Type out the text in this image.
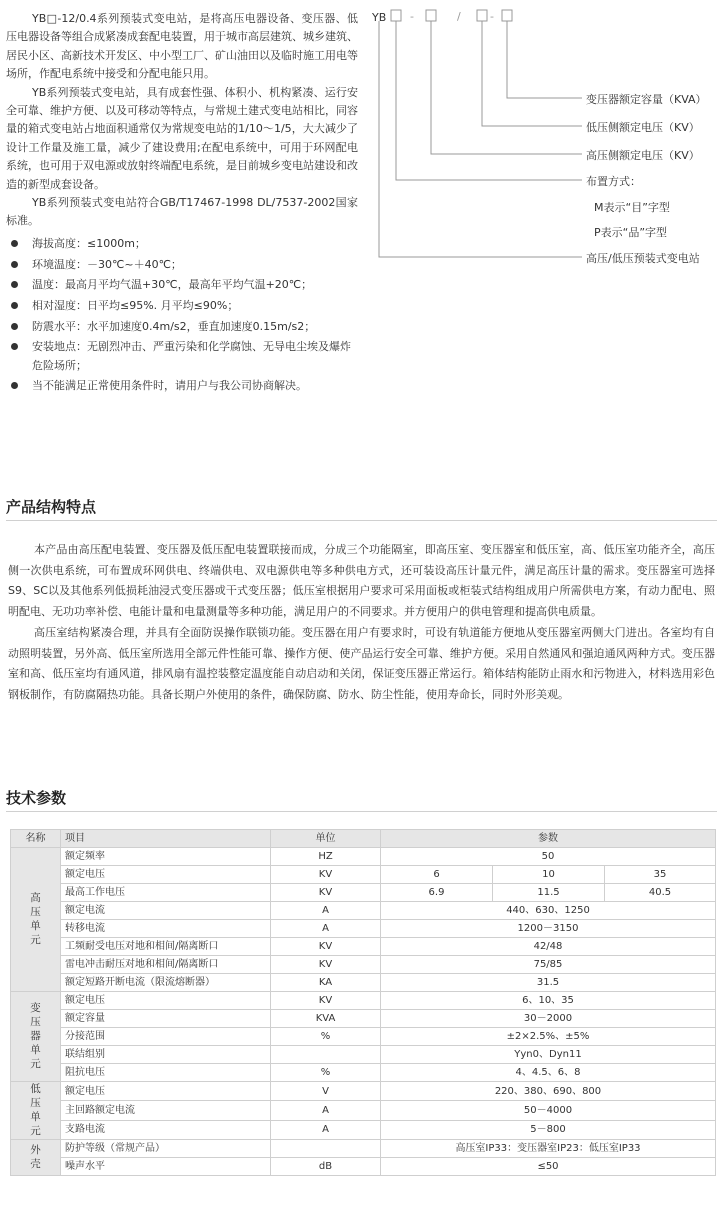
YB□-12/0.4系列预装式变电站，是将高压电器设备、变压器、低压电器设备等组合成紧凑成套配电装置，用于城市高层建筑、城乡建筑、居民小区、高新技术开发区、中小型工厂、矿山油田以及临时施工用电等场所，作配电系统中接受和分配电能只用。

YB系列预装式变电站，具有成套性强、体积小、机构紧凑、运行安全可靠、维护方便、以及可移动等特点，与常规土建式变电站相比，同容量的箱式变电站占地面积通常仅为常规变电站的1/10～1/5，大大减少了设计工作量及施工量，减少了建设费用;在配电系统中，可用于环网配电系统，也可用于双电源或放射终端配电系统，是目前城乡变电站建设和改造的新型成套设备。

YB系列预装式变电站符合GB/T17467-1998 DL/7537-2002国家标准。

海拔高度：≤1000m；
环境温度：－30℃~＋40℃；
温度：最高月平均气温+30℃，最高年平均气温+20℃；
相对湿度：日平均≤95%. 月平均≤90%；
防震水平：水平加速度0.4m/s2，垂直加速度0.15m/s2；
安装地点：无剧烈冲击、严重污染和化学腐蚀、无导电尘埃及爆炸危险场所；
当不能满足正常使用条件时，请用户与我公司协商解决。
YB -	/	-
变压器额定容量（KVA）
低压侧额定电压（KV）
高压侧额定电压（KV）
布置方式：
M表示“目”字型
P表示“品”字型
高压/低压预装式变电站
产品结构特点

本产品由高压配电装置、变压器及低压配电装置联接而成，分成三个功能隔室，即高压室、变压器室和低压室，高、低压室功能齐全，高压侧一次供电系统，可布置成环网供电、终端供电、双电源供电等多种供电方式，还可装设高压计量元件，满足高压计量的需求。变压器室可选择S9、SC以及其他系列低损耗油浸式变压器或干式变压器；低压室根据用户要求可采用面板或柜装式结构组成用户所需供电方案，有动力配电、照明配电、无功功率补偿、电能计量和电量测量等多种功能，满足用户的不同要求。并方便用户的供电管理和提高供电质量。

高压室结构紧凑合理，并具有全面防误操作联锁功能。变压器在用户有要求时，可设有轨道能方便地从变压器室两侧大门进出。各室均有自动照明装置，另外高、低压室所选用全部元件性能可靠、操作方便、使产品运行安全可靠、维护方便。采用自然通风和强迫通风两种方式。变压器室和高、低压室均有通风道，排风扇有温控装整定温度能自动启动和关闭，保证变压器正常运行。箱体结构能防止雨水和污物进入，材料选用彩色钢板制作，有防腐隔热功能。具备长期户外使用的条件，确保防腐、防水、防尘性能，使用寿命长，同时外形美观。

技术参数
名称	项目	单位	参数		
高压单元	额定频率	HZ	50		
	额定电压	KV	6	10	35
	最高工作电压	KV	6.9	11.5	40.5
	额定电流	A	440、630、1250		
	转移电流	A	1200－3150		
	工频耐受电压对地和相间/隔离断口	KV	42/48		
	雷电冲击耐压对地和相间/隔离断口	KV	75/85		
	额定短路开断电流（限流熔断器）	KA	31.5		
变压器单元	额定电压	KV	6、10、35		
	额定容量	KVA	30－2000		
	分接范围	%	±2×2.5%、±5%		
	联结组别		Yyn0、Dyn11		
	阻抗电压	%	4、4.5、6、8		
低压单元	额定电压	V	220、380、690、800		
	主回路额定电流	A	50－4000		
	支路电流	A	5－800		
外壳	防护等级（常规产品）		高压室IP33：变压器室IP23：低压室IP33		
	噪声水平	dB	≤50		
